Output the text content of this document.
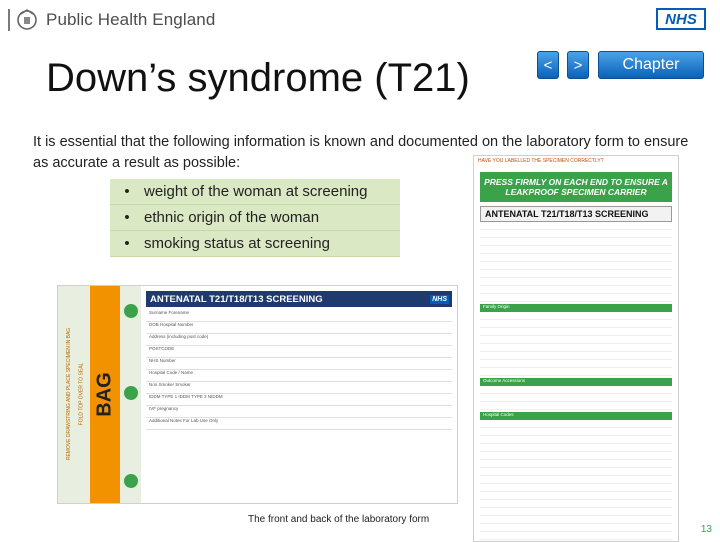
Public Health England	NHS
Down’s syndrome (T21)	<	>	Chapter
It is essential that the following information is known and documented on the laboratory form to ensure as accurate a result as possible:
• weight of the woman at screening
• ethnic origin of the woman
• smoking status at screening
REMOVE DRAWSTRING AND PLACE SPECIMEN IN BAG FOLD TOP OVER TO SEAL BAG
ANTENATAL T21/T18/T13 SCREENING	NHS
Surname Forename
DOB Hospital Number
Address (including post code)
POSTCODE
NHS Number
Hospital Code / Name
Non Smoker Smoker
IDDM TYPE 1 IDDM TYPE 2 NIDDM
IVF pregnancy
Additional Notes For Lab Use Only
HAVE YOU LABELLED THE SPECIMEN CORRECTLY?
PRESS FIRMLY ON EACH END TO ENSURE A LEAKPROOF SPECIMEN CARRIER
ANTENATAL T21/T18/T13 SCREENING
Family Origin
Outcome Accessions
Hospital Codes
The front and back of the laboratory form
13
